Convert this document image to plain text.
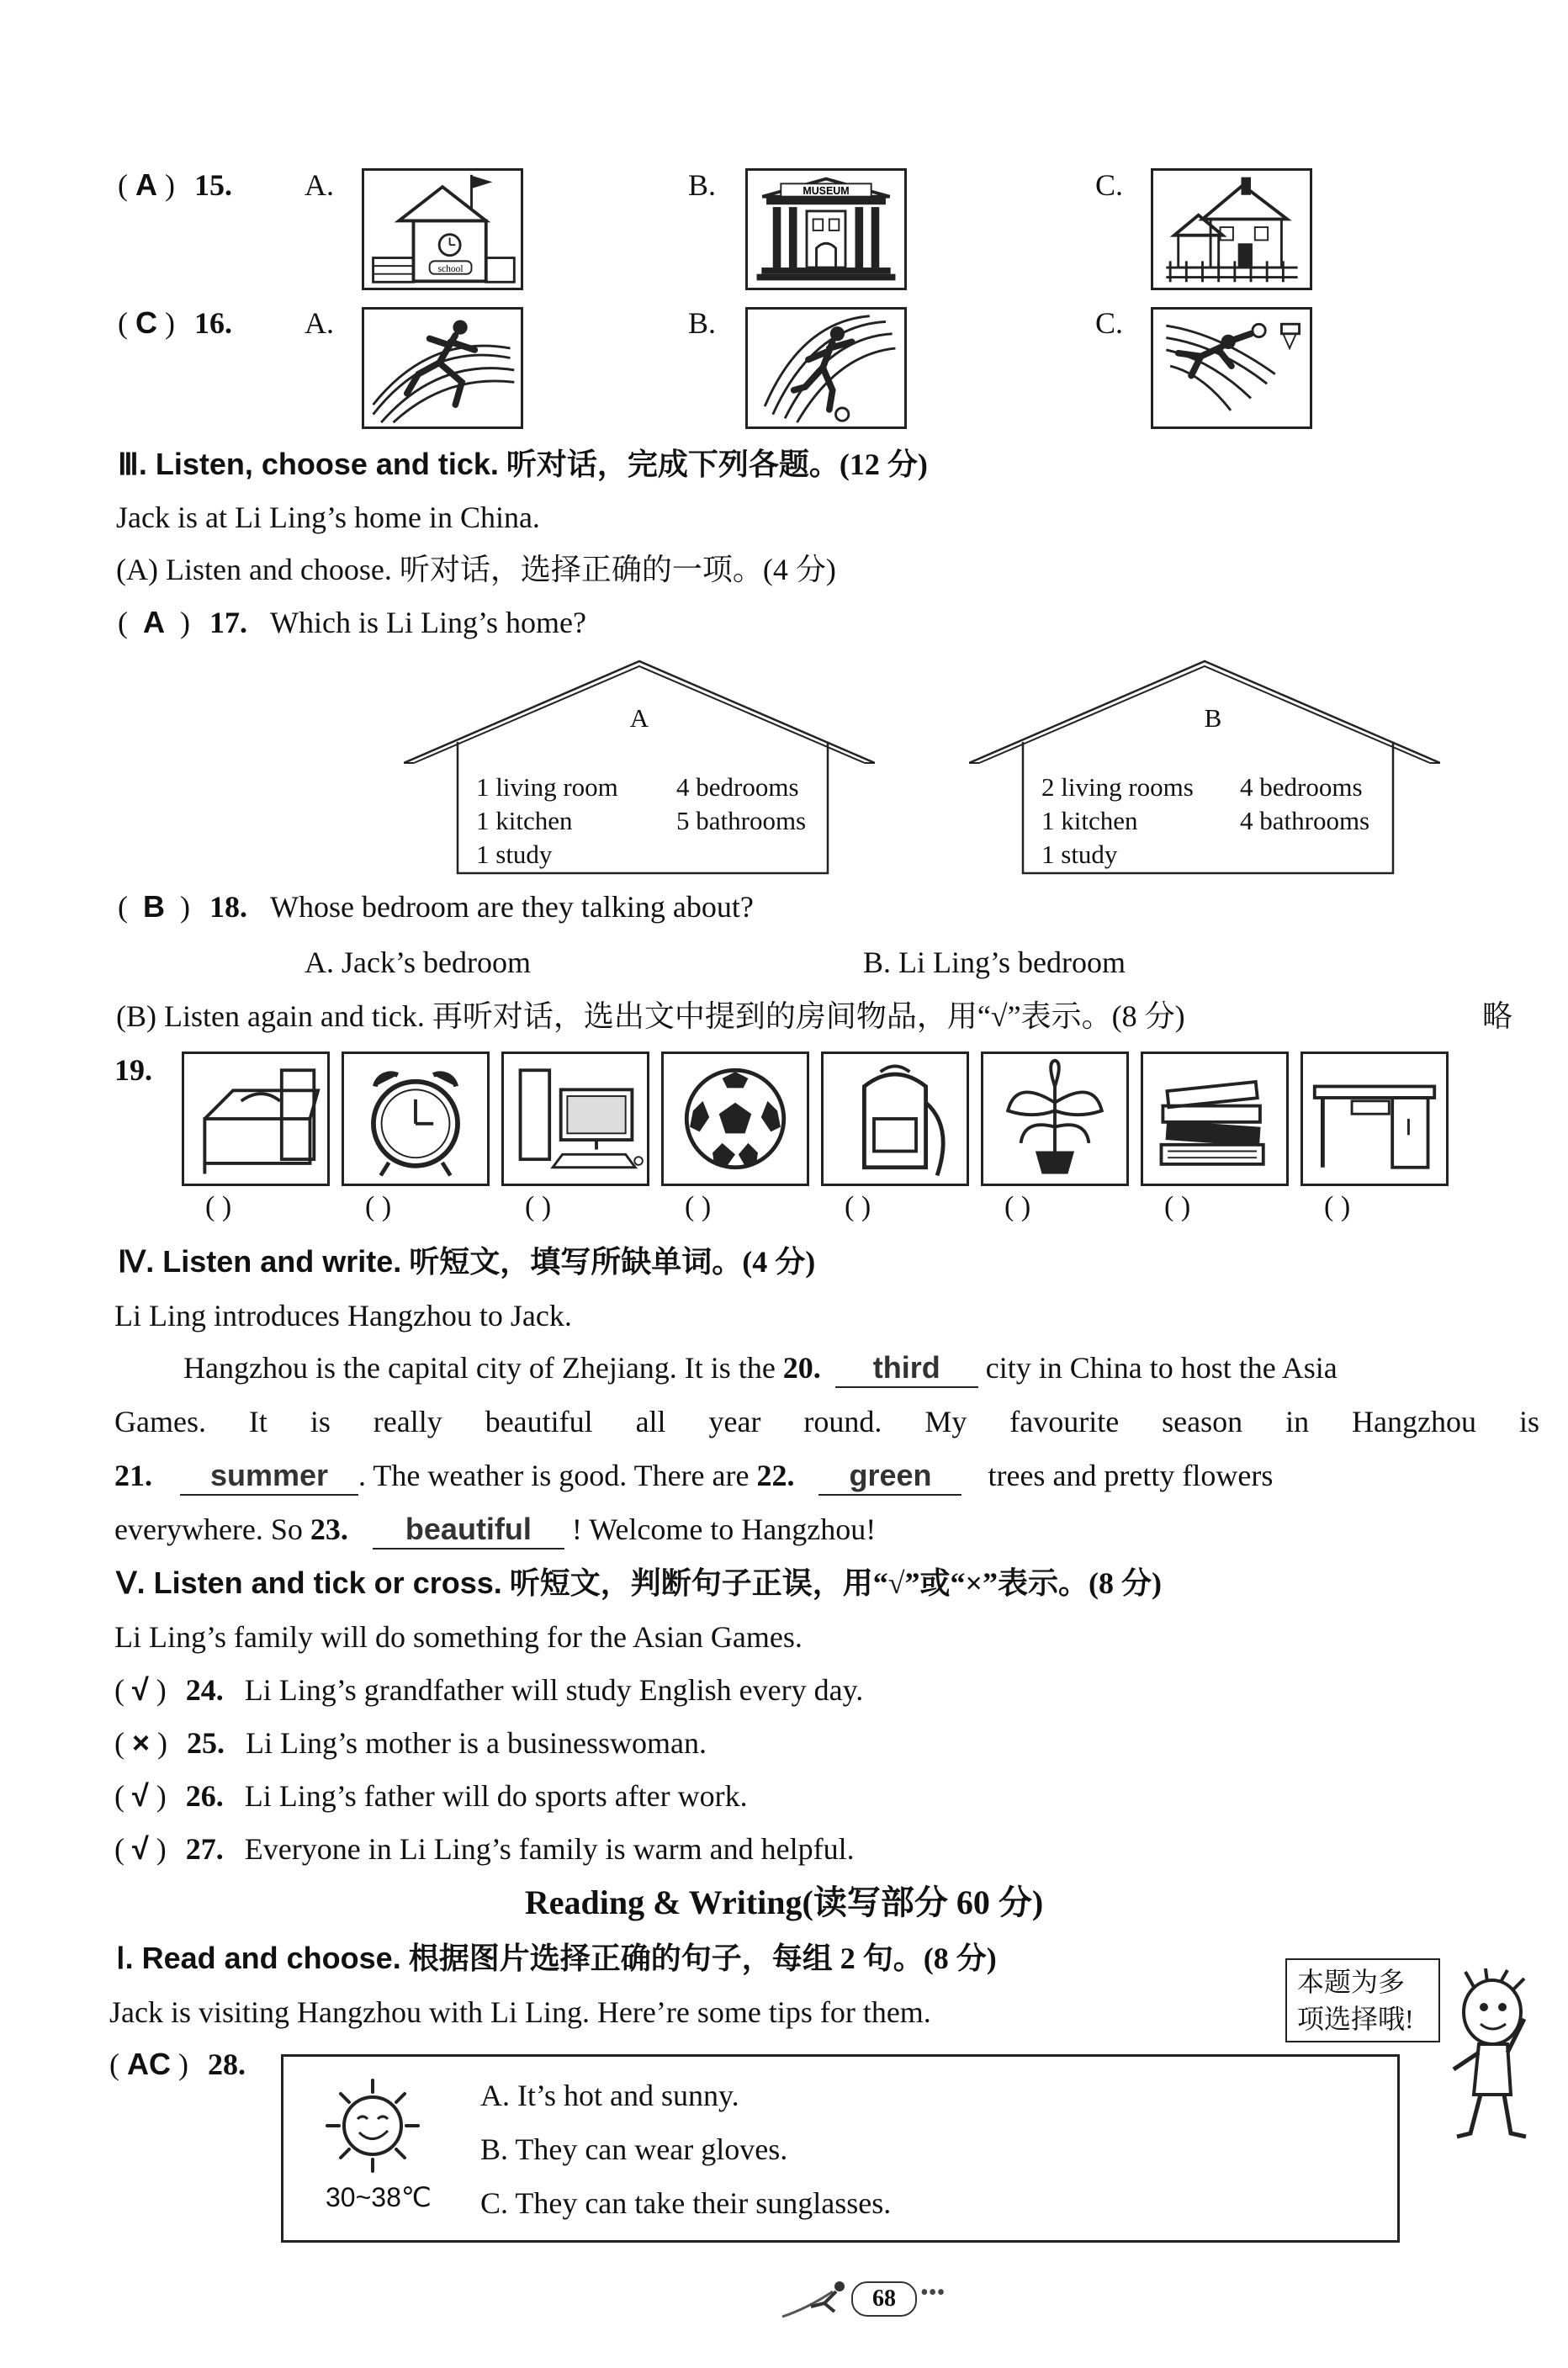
( A ) 15. A.
school
B.	MUSEUM	C.
( C ) 16. A.	B.	C.
Ⅲ. Listen, choose and tick. 听对话，完成下列各题。(12 分)
Jack is at Li Ling’s home in China.
(A) Listen and choose. 听对话，选择正确的一项。(4 分)
( A ) 17. Which is Li Ling’s home?
A
1 living room
1 kitchen
1 study
4 bedrooms
5 bathrooms
B
2 living rooms
1 kitchen
1 study
4 bedrooms
4 bathrooms
( B ) 18. Whose bedroom are they talking about?
A. Jack’s bedroom	B. Li Ling’s bedroom
(B) Listen again and tick. 再听对话，选出文中提到的房间物品，用“√”表示。(8 分)	略
19.
( )	( )	( )	( )	( )	( )	( )	( )
Ⅳ. Listen and write. 听短文，填写所缺单词。(4 分)
Li Ling introduces Hangzhou to Jack.
Hangzhou is the capital city of Zhejiang. It is the 20. third city in China to host the Asia
Games. It is really beautiful all year round. My favourite season in Hangzhou is
21. summer . The weather is good. There are 22. green trees and pretty flowers
everywhere. So 23. beautiful ! Welcome to Hangzhou!
Ⅴ. Listen and tick or cross. 听短文，判断句子正误，用“√”或“×”表示。(8 分)
Li Ling’s family will do something for the Asian Games.
( √ ) 24. Li Ling’s grandfather will study English every day.
( × ) 25. Li Ling’s mother is a businesswoman.
( √ ) 26. Li Ling’s father will do sports after work.
( √ ) 27. Everyone in Li Ling’s family is warm and helpful.
Reading & Writing(读写部分 60 分)
Ⅰ. Read and choose. 根据图片选择正确的句子，每组 2 句。(8 分)
Jack is visiting Hangzhou with Li Ling. Here’re some tips for them.
本题为多项选择哦!
( AC ) 28.
30~38℃
A. It’s hot and sunny.
B. They can wear gloves.
C. They can take their sunglasses.
68	•••
